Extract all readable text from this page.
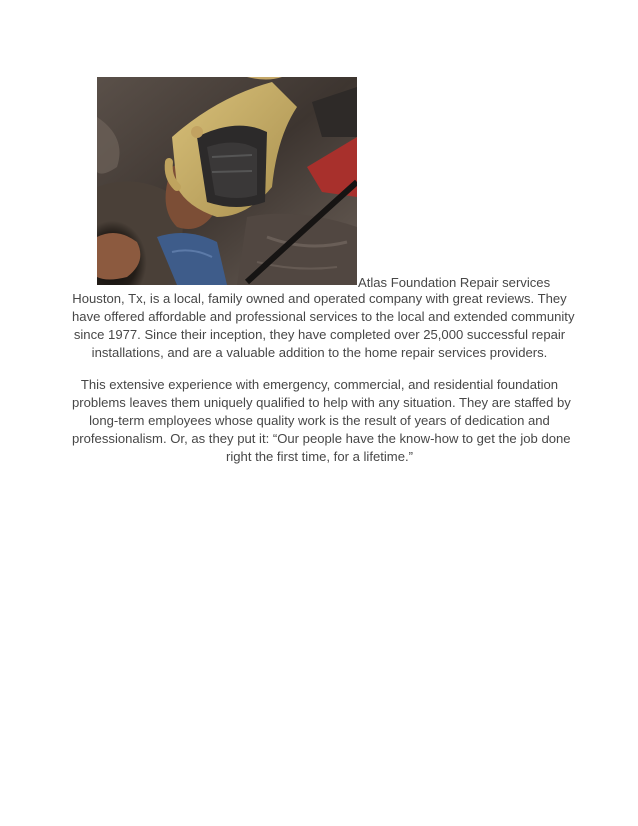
Atlas Foundation Repair services
Houston, Tx, is a local, family owned and operated company with great reviews. They
have offered affordable and professional services to the local and extended community
since 1977. Since their inception, they have completed over 25,000 successful repair
installations, and are a valuable addition to the home repair services providers.
This extensive experience with emergency, commercial, and residential foundation
problems leaves them uniquely qualified to help with any situation. They are staffed by
long-term employees whose quality work is the result of years of dedication and
professionalism. Or, as they put it: “Our people have the know-how to get the job done
right the first time, for a lifetime.”
